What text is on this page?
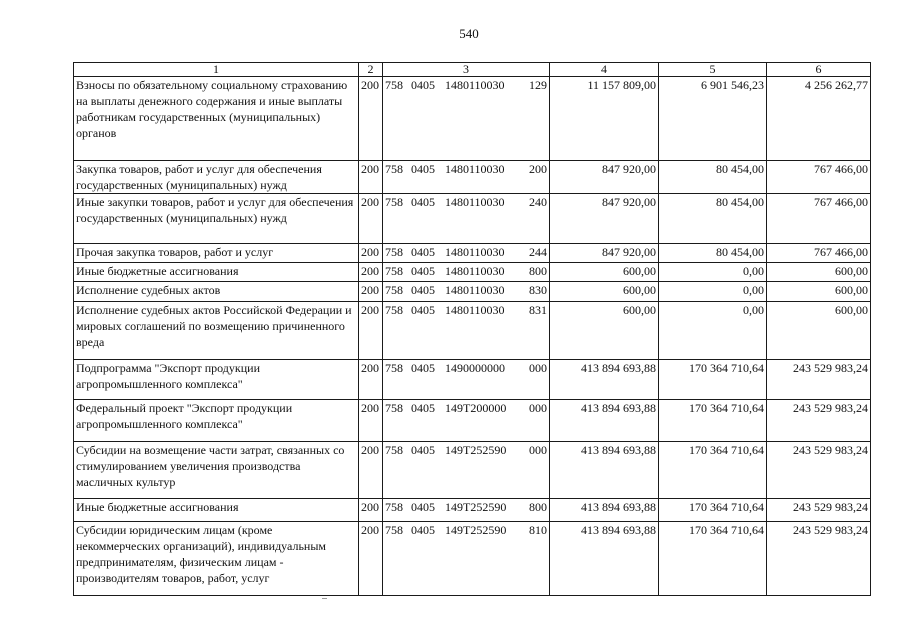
540
1	2	3	4	5	6
Взносы по обязательному социальному страхованию на выплаты денежного содержания и иные выплаты работникам государственных (муниципальных) органов	200	758 0405 1480110030 129	11 157 809,00	6 901 546,23	4 256 262,77
Закупка товаров, работ и услуг для обеспечения государственных (муниципальных) нужд	200	758 0405 1480110030 200	847 920,00	80 454,00	767 466,00
Иные закупки товаров, работ и услуг для обеспечения государственных (муниципальных) нужд	200	758 0405 1480110030 240	847 920,00	80 454,00	767 466,00
Прочая закупка товаров, работ и услуг	200	758 0405 1480110030 244	847 920,00	80 454,00	767 466,00
Иные бюджетные ассигнования	200	758 0405 1480110030 800	600,00	0,00	600,00
Исполнение судебных актов	200	758 0405 1480110030 830	600,00	0,00	600,00
Исполнение судебных актов Российской Федерации и мировых соглашений по возмещению причиненного вреда	200	758 0405 1480110030 831	600,00	0,00	600,00
Подпрограмма "Экспорт продукции агропромышленного комплекса"	200	758 0405 1490000000 000	413 894 693,88	170 364 710,64	243 529 983,24
Федеральный проект "Экспорт продукции агропромышленного комплекса"	200	758 0405 149Т200000 000	413 894 693,88	170 364 710,64	243 529 983,24
Субсидии на возмещение части затрат, связанных со стимулированием увеличения производства масличных культур	200	758 0405 149Т252590 000	413 894 693,88	170 364 710,64	243 529 983,24
Иные бюджетные ассигнования	200	758 0405 149Т252590 800	413 894 693,88	170 364 710,64	243 529 983,24
Субсидии юридическим лицам (кроме некоммерческих организаций), индивидуальным предпринимателям, физическим лицам - производителям товаров, работ, услуг	200	758 0405 149Т252590 810	413 894 693,88	170 364 710,64	243 529 983,24
